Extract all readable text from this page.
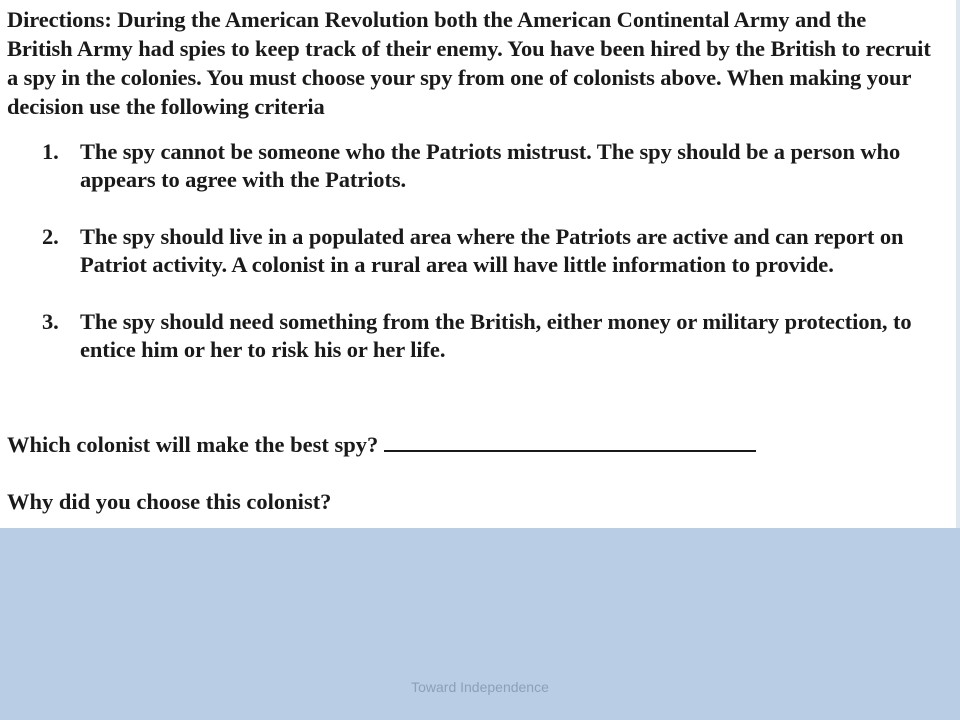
Directions: During the American Revolution both the American Continental Army and the British Army had spies to keep track of their enemy. You have been hired by the British to recruit a spy in the colonies. You must choose your spy from one of colonists above. When making your decision use the following criteria

1. The spy cannot be someone who the Patriots mistrust. The spy should be a person who appears to agree with the Patriots.
2. The spy should live in a populated area where the Patriots are active and can report on Patriot activity. A colonist in a rural area will have little information to provide.
3. The spy should need something from the British, either money or military protection, to entice him or her to risk his or her life.
Which colonist will make the best spy?
Why did you choose this colonist?
Toward Independence
